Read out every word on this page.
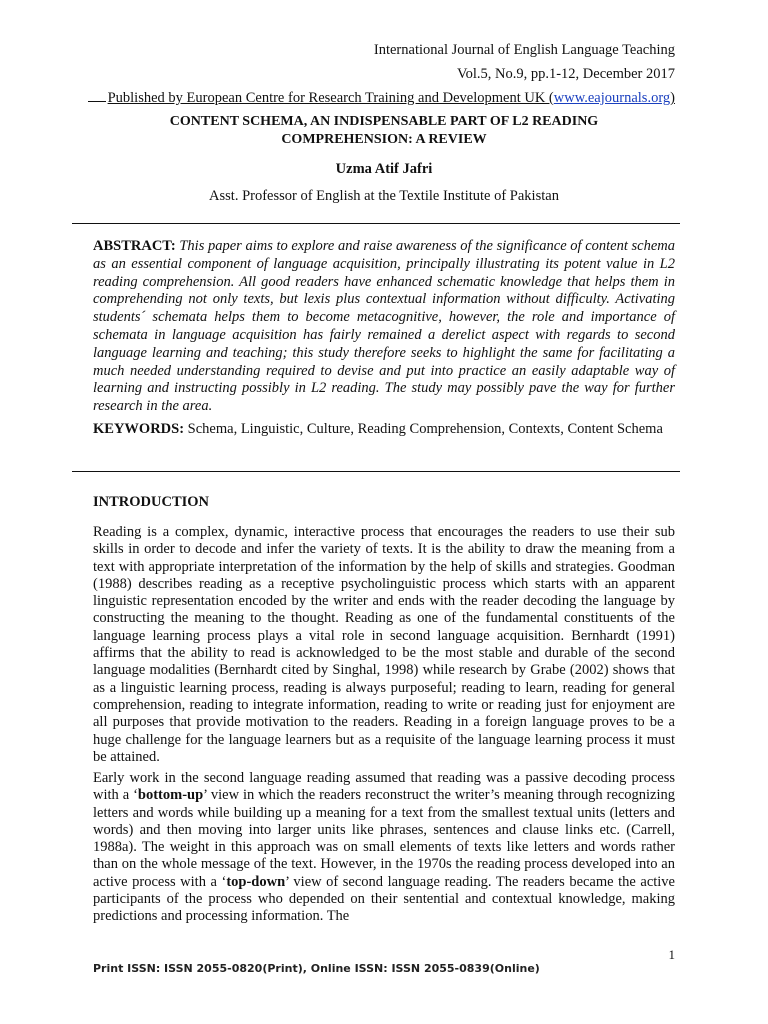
International Journal of English Language Teaching
Vol.5, No.9, pp.1-12, December 2017
Published by European Centre for Research Training and Development UK (www.eajournals.org)
CONTENT SCHEMA, AN INDISPENSABLE PART OF L2 READING
COMPREHENSION: A REVIEW
Uzma Atif Jafri
Asst. Professor of English at the Textile Institute of Pakistan
ABSTRACT: This paper aims to explore and raise awareness of the significance of content schema as an essential component of language acquisition, principally illustrating its potent value in L2 reading comprehension. All good readers have enhanced schematic knowledge that helps them in comprehending not only texts, but lexis plus contextual information without difficulty. Activating students´ schemata helps them to become metacognitive, however, the role and importance of schemata in language acquisition has fairly remained a derelict aspect with regards to second language learning and teaching; this study therefore seeks to highlight the same for facilitating a much needed understanding required to devise and put into practice an easily adaptable way of learning and instructing possibly in L2 reading. The study may possibly pave the way for further research in the area.
KEYWORDS: Schema, Linguistic, Culture, Reading Comprehension, Contexts, Content Schema
INTRODUCTION
Reading is a complex, dynamic, interactive process that encourages the readers to use their sub skills in order to decode and infer the variety of texts. It is the ability to draw the meaning from a text with appropriate interpretation of the information by the help of skills and strategies. Goodman (1988) describes reading as a receptive psycholinguistic process which starts with an apparent linguistic representation encoded by the writer and ends with the reader decoding the language by constructing the meaning to the thought. Reading as one of the fundamental constituents of the language learning process plays a vital role in second language acquisition. Bernhardt (1991) affirms that the ability to read is acknowledged to be the most stable and durable of the second language modalities (Bernhardt cited by Singhal, 1998) while research by Grabe (2002) shows that as a linguistic learning process, reading is always purposeful; reading to learn, reading for general comprehension, reading to integrate information, reading to write or reading just for enjoyment are all purposes that provide motivation to the readers. Reading in a foreign language proves to be a huge challenge for the language learners but as a requisite of the language learning process it must be attained.
Early work in the second language reading assumed that reading was a passive decoding process with a ‘bottom-up’ view in which the readers reconstruct the writer’s meaning through recognizing letters and words while building up a meaning for a text from the smallest textual units (letters and words) and then moving into larger units like phrases, sentences and clause links etc. (Carrell, 1988a). The weight in this approach was on small elements of texts like letters and words rather than on the whole message of the text. However, in the 1970s the reading process developed into an active process with a ‘top-down’ view of second language reading. The readers became the active participants of the process who depended on their sentential and contextual knowledge, making predictions and processing information. The
1
Print ISSN: ISSN 2055-0820(Print), Online ISSN: ISSN 2055-0839(Online)
